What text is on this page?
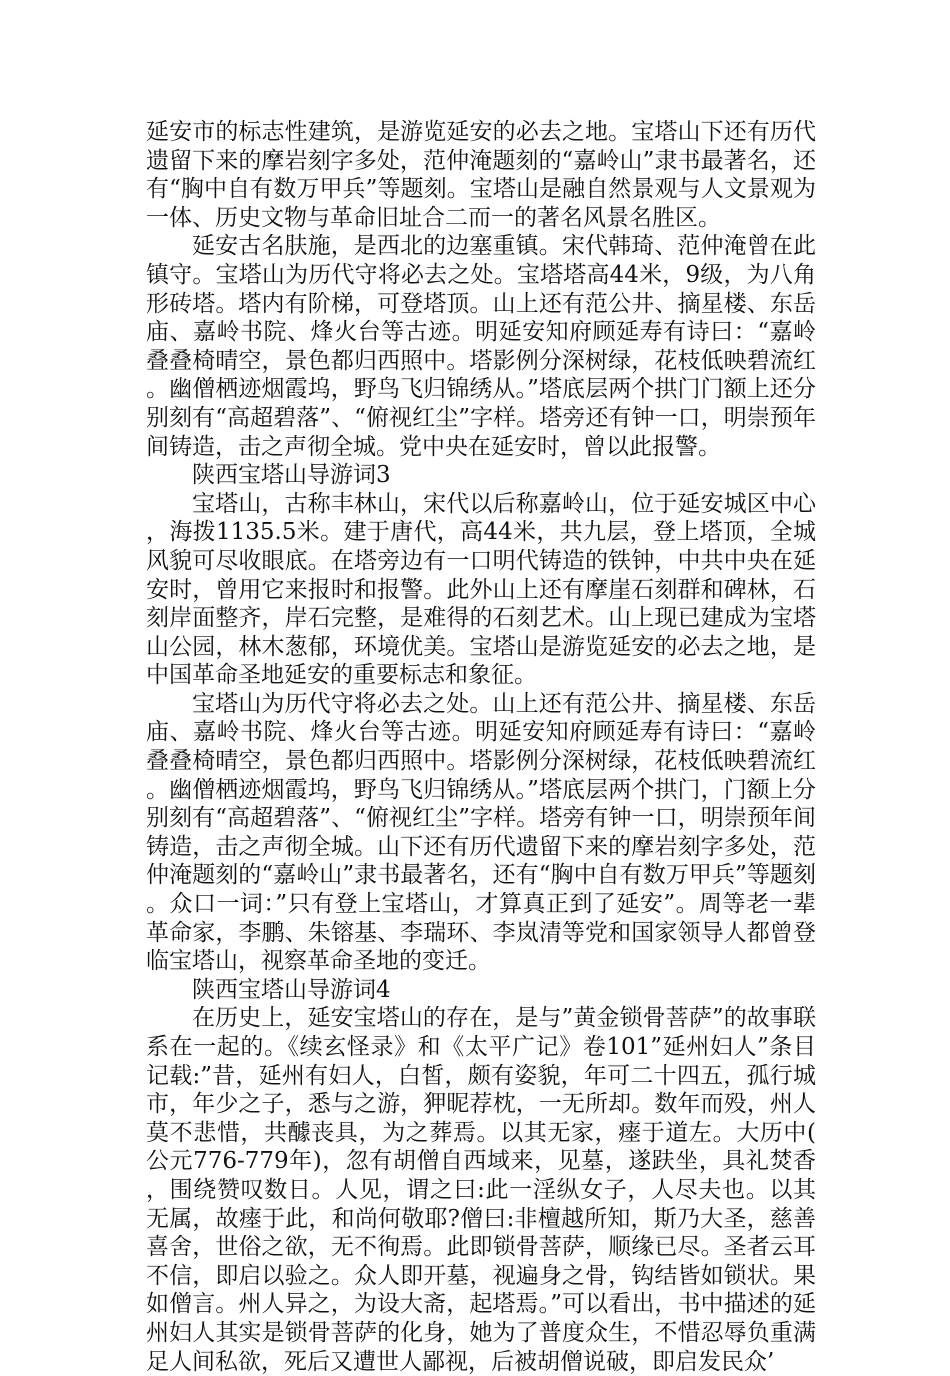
延安市的标志性建筑，是游览延安的必去之地。宝塔山下还有历代遗留下来的摩岩刻字多处，范仲淹题刻的“嘉岭山”隶书最著名，还有“胸中自有数万甲兵”等题刻。宝塔山是融自然景观与人文景观为一体、历史文物与革命旧址合二而一的著名风景名胜区。

延安古名肤施，是西北的边塞重镇。宋代韩琦、范仲淹曾在此镇守。宝塔山为历代守将必去之处。宝塔塔高44米，9级，为八角形砖塔。塔内有阶梯，可登塔顶。山上还有范公井、摘星楼、东岳庙、嘉岭书院、烽火台等古迹。明延安知府顾延寿有诗曰：“嘉岭叠叠椅晴空，景色都归西照中。塔影例分深树绿，花枝低映碧流红。幽僧栖迹烟霞坞，野鸟飞归锦绣从。”塔底层两个拱门门额上还分别刻有“高超碧落”、“俯视红尘”字样。塔旁还有钟一口，明崇预年间铸造，击之声彻全城。党中央在延安时，曾以此报警。

陕西宝塔山导游词3

宝塔山，古称丰林山，宋代以后称嘉岭山，位于延安城区中心，海拨1135.5米。建于唐代，高44米，共九层，登上塔顶，全城风貌可尽收眼底。在塔旁边有一口明代铸造的铁钟，中共中央在延安时，曾用它来报时和报警。此外山上还有摩崖石刻群和碑林，石刻岸面整齐，岸石完整，是难得的石刻艺术。山上现已建成为宝塔山公园，林木葱郁，环境优美。宝塔山是游览延安的必去之地，是中国革命圣地延安的重要标志和象征。

宝塔山为历代守将必去之处。山上还有范公井、摘星楼、东岳庙、嘉岭书院、烽火台等古迹。明延安知府顾延寿有诗曰：“嘉岭叠叠椅晴空，景色都归西照中。塔影例分深树绿，花枝低映碧流红。幽僧栖迹烟霞坞，野鸟飞归锦绣从。”塔底层两个拱门，门额上分别刻有“高超碧落”、“俯视红尘”字样。塔旁有钟一口，明崇预年间铸造，击之声彻全城。山下还有历代遗留下来的摩岩刻字多处，范仲淹题刻的“嘉岭山”隶书最著名，还有“胸中自有数万甲兵”等题刻。众口一词：”只有登上宝塔山，才算真正到了延安”。周等老一辈革命家，李鹏、朱镕基、李瑞环、李岚清等党和国家领导人都曾登临宝塔山，视察革命圣地的变迁。

陕西宝塔山导游词4

在历史上，延安宝塔山的存在，是与”黄金锁骨菩萨”的故事联系在一起的。《续玄怪录》和《太平广记》卷101”延州妇人”条目记载:”昔，延州有妇人，白皙，颇有姿貌，年可二十四五，孤行城市，年少之子，悉与之游，狎昵荐枕，一无所却。数年而殁，州人莫不悲惜，共醵丧具，为之葬焉。以其无家，瘗于道左。大历中(公元776-779年)，忽有胡僧自西域来，见墓，遂趺坐，具礼焚香，围绕赞叹数日。人见，谓之曰:此一淫纵女子，人尽夫也。以其无属，故瘗于此，和尚何敬耶?僧曰:非檀越所知，斯乃大圣，慈善喜舍，世俗之欲，无不徇焉。此即锁骨菩萨，顺缘已尽。圣者云耳不信，即启以验之。众人即开墓，视遍身之骨，钩结皆如锁状。果如僧言。州人异之，为设大斋，起塔焉。”可以看出，书中描述的延州妇人其实是锁骨菩萨的化身，她为了普度众生，不惜忍辱负重满足人间私欲，死后又遭世人鄙视，后被胡僧说破，即启发民众’
